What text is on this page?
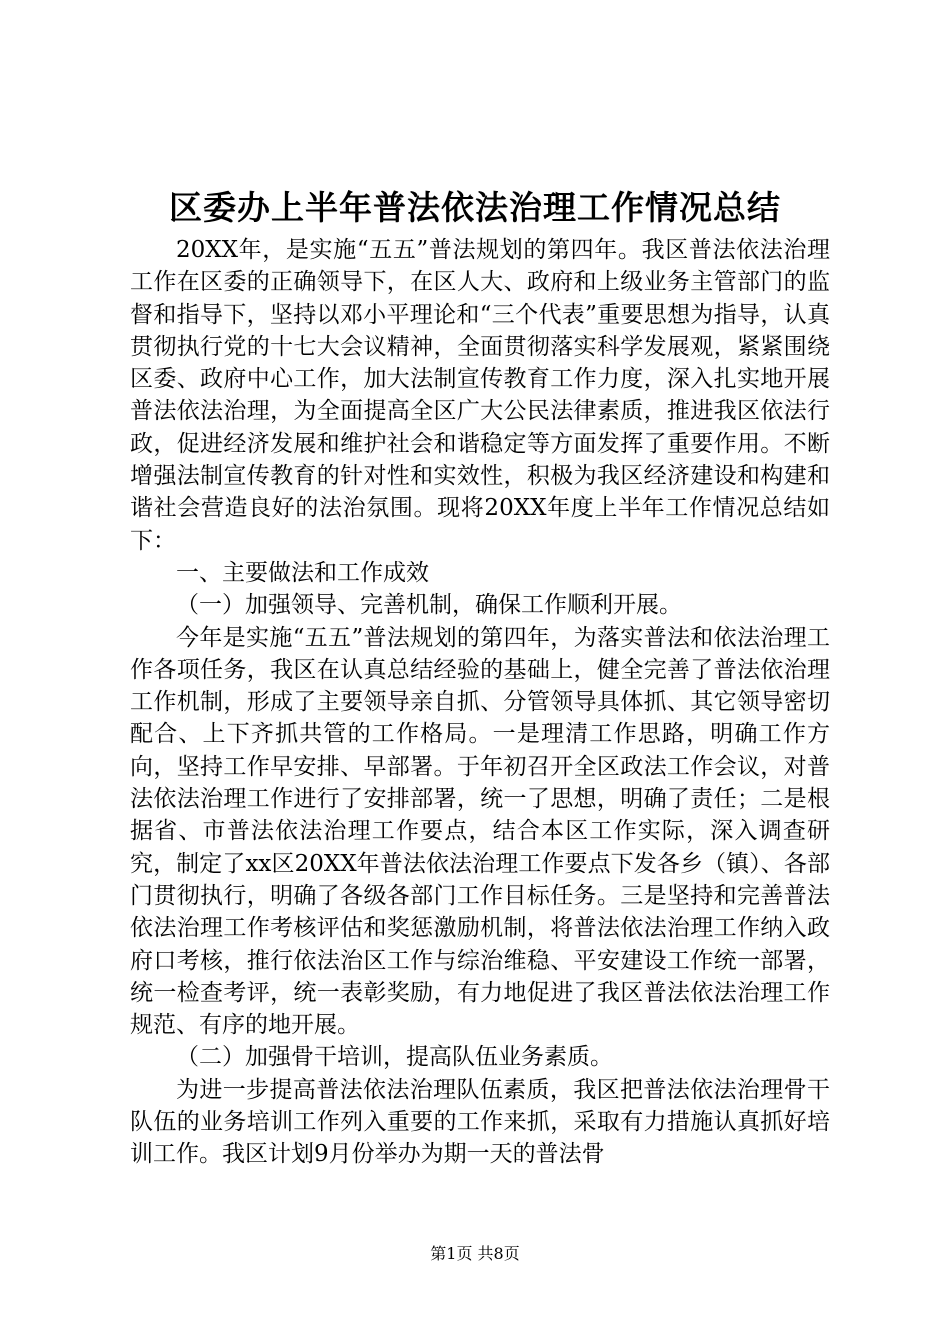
区委办上半年普法依法治理工作情况总结

20XX年，是实施“五五”普法规划的第四年。我区普法依法治理工作在区委的正确领导下，在区人大、政府和上级业务主管部门的监督和指导下，坚持以邓小平理论和“三个代表”重要思想为指导，认真贯彻执行党的十七大会议精神，全面贯彻落实科学发展观，紧紧围绕区委、政府中心工作，加大法制宣传教育工作力度，深入扎实地开展普法依法治理，为全面提高全区广大公民法律素质，推进我区依法行政，促进经济发展和维护社会和谐稳定等方面发挥了重要作用。不断增强法制宣传教育的针对性和实效性，积极为我区经济建设和构建和谐社会营造良好的法治氛围。现将20XX年度上半年工作情况总结如下：

一、主要做法和工作成效

（一）加强领导、完善机制，确保工作顺利开展。

今年是实施“五五”普法规划的第四年，为落实普法和依法治理工作各项任务，我区在认真总结经验的基础上，健全完善了普法依治理工作机制，形成了主要领导亲自抓、分管领导具体抓、其它领导密切配合、上下齐抓共管的工作格局。一是理清工作思路，明确工作方向，坚持工作早安排、早部署。于年初召开全区政法工作会议，对普法依法治理工作进行了安排部署，统一了思想，明确了责任；二是根据省、市普法依法治理工作要点，结合本区工作实际，深入调查研究，制定了xx区20XX年普法依法治理工作要点下发各乡（镇）、各部门贯彻执行，明确了各级各部门工作目标任务。三是坚持和完善普法依法治理工作考核评估和奖惩激励机制，将普法依法治理工作纳入政府口考核，推行依法治区工作与综治维稳、平安建设工作统一部署，统一检查考评，统一表彰奖励，有力地促进了我区普法依法治理工作规范、有序的地开展。

（二）加强骨干培训，提高队伍业务素质。

为进一步提高普法依法治理队伍素质，我区把普法依法治理骨干队伍的业务培训工作列入重要的工作来抓，采取有力措施认真抓好培训工作。我区计划9月份举办为期一天的普法骨

第1页 共8页
